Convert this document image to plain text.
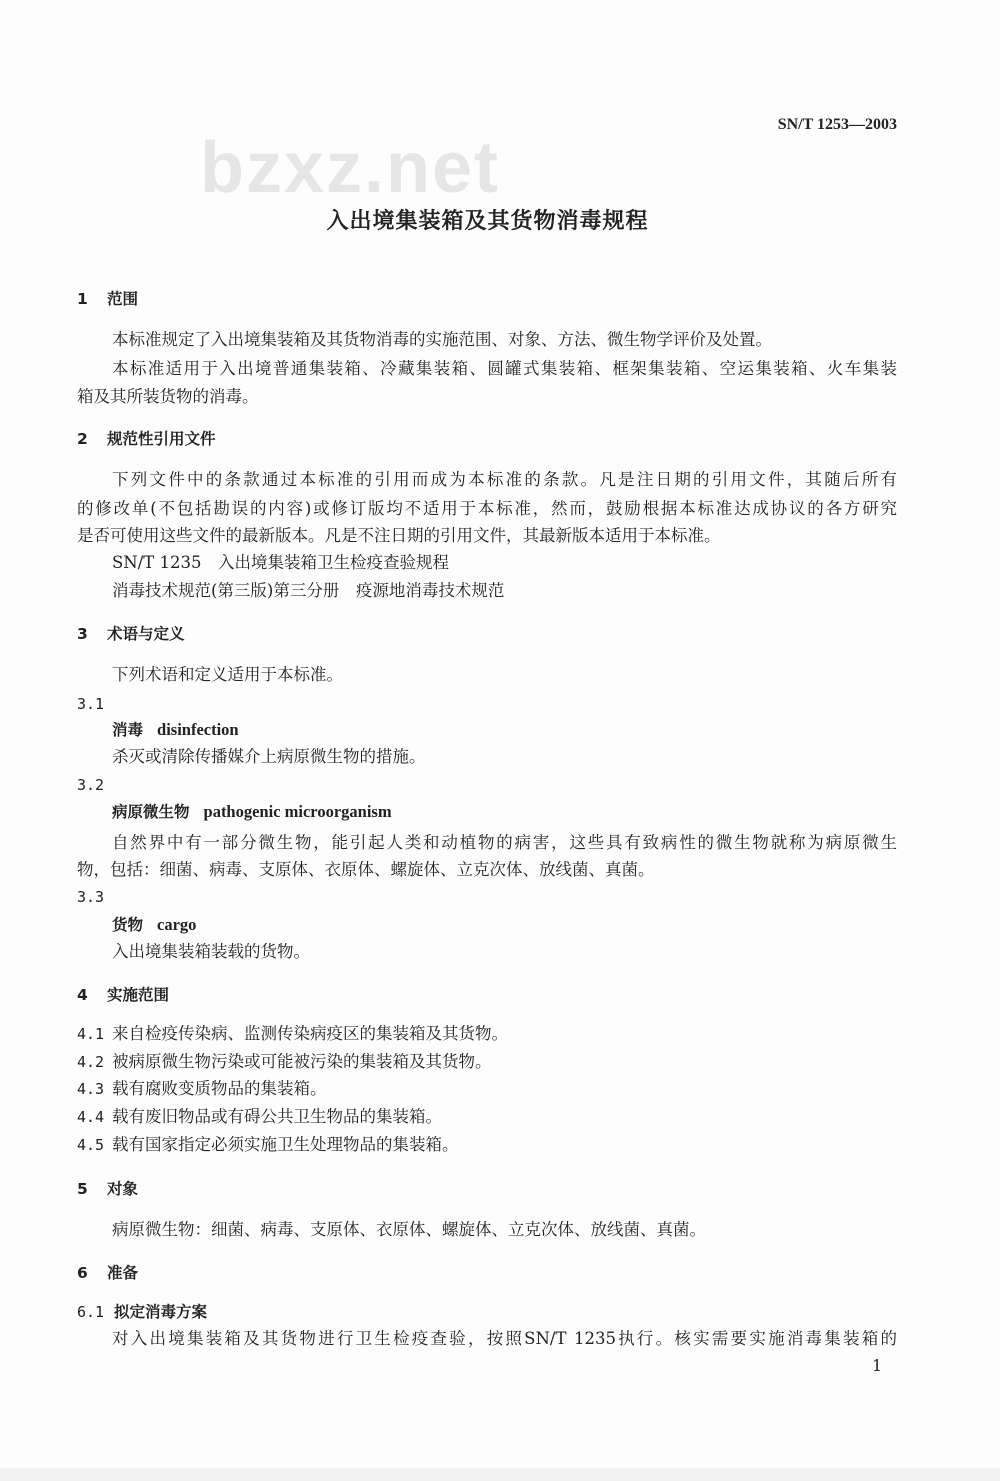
bzxz.net
SN/T 1253—2003
入出境集装箱及其货物消毒规程
1 范围
本标准规定了入出境集装箱及其货物消毒的实施范围、对象、方法、微生物学评价及处置。
本标准适用于入出境普通集装箱、冷藏集装箱、圆罐式集装箱、框架集装箱、空运集装箱、火车集装
箱及其所装货物的消毒。
2 规范性引用文件
下列文件中的条款通过本标准的引用而成为本标准的条款。凡是注日期的引用文件，其随后所有
的修改单(不包括勘误的内容)或修订版均不适用于本标准，然而，鼓励根据本标准达成协议的各方研究
是否可使用这些文件的最新版本。凡是不注日期的引用文件，其最新版本适用于本标准。
SN/T 1235　入出境集装箱卫生检疫查验规程
消毒技术规范(第三版)第三分册　疫源地消毒技术规范
3 术语与定义
下列术语和定义适用于本标准。
3.1
消毒 disinfection
杀灭或清除传播媒介上病原微生物的措施。
3.2
病原微生物 pathogenic microorganism
自然界中有一部分微生物，能引起人类和动植物的病害，这些具有致病性的微生物就称为病原微生
物，包括：细菌、病毒、支原体、衣原体、螺旋体、立克次体、放线菌、真菌。
3.3
货物 cargo
入出境集装箱装载的货物。
4 实施范围
4.1 来自检疫传染病、监测传染病疫区的集装箱及其货物。
4.2 被病原微生物污染或可能被污染的集装箱及其货物。
4.3 载有腐败变质物品的集装箱。
4.4 载有废旧物品或有碍公共卫生物品的集装箱。
4.5 载有国家指定必须实施卫生处理物品的集装箱。
5 对象
病原微生物：细菌、病毒、支原体、衣原体、螺旋体、立克次体、放线菌、真菌。
6 准备
6.1 拟定消毒方案
对入出境集装箱及其货物进行卫生检疫查验，按照SN/T 1235执行。核实需要实施消毒集装箱的
1
